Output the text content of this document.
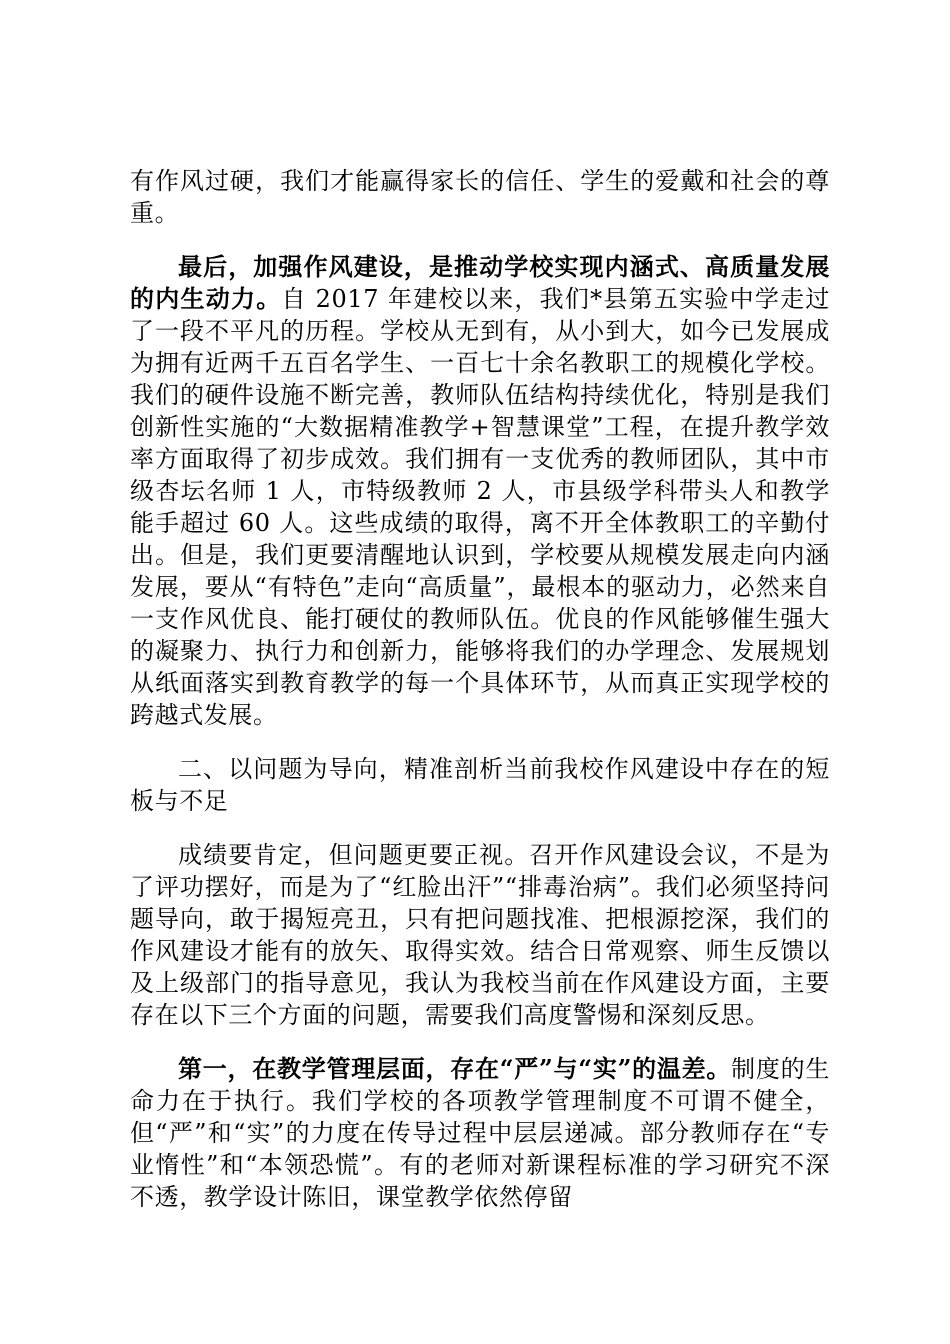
有作风过硬，我们才能赢得家长的信任、学生的爱戴和社会的尊重。

最后，加强作风建设，是推动学校实现内涵式、高质量发展的内生动力。自 2017 年建校以来，我们*县第五实验中学走过了一段不平凡的历程。学校从无到有，从小到大，如今已发展成为拥有近两千五百名学生、一百七十余名教职工的规模化学校。我们的硬件设施不断完善，教师队伍结构持续优化，特别是我们创新性实施的“大数据精准教学+智慧课堂”工程，在提升教学效率方面取得了初步成效。我们拥有一支优秀的教师团队，其中市级杏坛名师 1 人，市特级教师 2 人，市县级学科带头人和教学能手超过 60 人。这些成绩的取得，离不开全体教职工的辛勤付出。但是，我们更要清醒地认识到，学校要从规模发展走向内涵发展，要从“有特色”走向“高质量”，最根本的驱动力，必然来自一支作风优良、能打硬仗的教师队伍。优良的作风能够催生强大的凝聚力、执行力和创新力，能够将我们的办学理念、发展规划从纸面落实到教育教学的每一个具体环节，从而真正实现学校的跨越式发展。

二、以问题为导向，精准剖析当前我校作风建设中存在的短板与不足

成绩要肯定，但问题更要正视。召开作风建设会议，不是为了评功摆好，而是为了“红脸出汗”“排毒治病”。我们必须坚持问题导向，敢于揭短亮丑，只有把问题找准、把根源挖深，我们的作风建设才能有的放矢、取得实效。结合日常观察、师生反馈以及上级部门的指导意见，我认为我校当前在作风建设方面，主要存在以下三个方面的问题，需要我们高度警惕和深刻反思。

第一，在教学管理层面，存在“严”与“实”的温差。制度的生命力在于执行。我们学校的各项教学管理制度不可谓不健全，但“严”和“实”的力度在传导过程中层层递减。部分教师存在“专业惰性”和“本领恐慌”。有的老师对新课程标准的学习研究不深不透，教学设计陈旧，课堂教学依然停留
